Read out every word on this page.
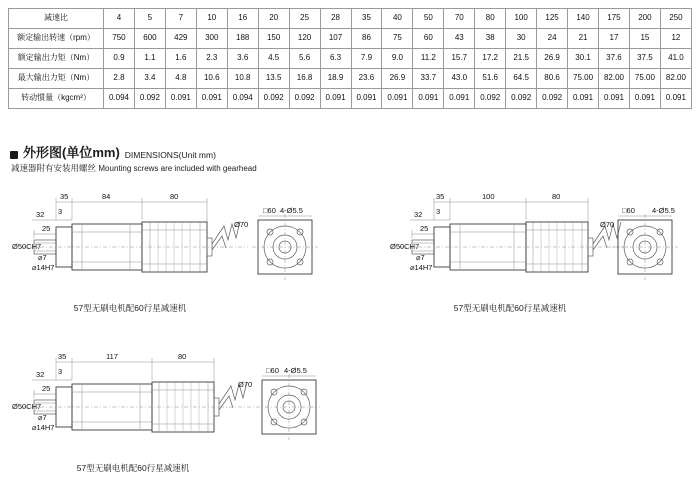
减速比	4	5	7	10	16	20	25	28	35	40	50	70	80	100	125	140	175	200	250
额定输出转速（rpm）	750	600	429	300	188	150	120	107	86	75	60	43	38	30	24	21	17	15	12
额定输出力矩（Nm）	0.9	1.1	1.6	2.3	3.6	4.5	5.6	6.3	7.9	9.0	11.2	15.7	17.2	21.5	26.9	30.1	37.6	37.5	41.0
最大输出力矩（Nm）	2.8	3.4	4.8	10.6	10.8	13.5	16.8	18.9	23.6	26.9	33.7	43.0	51.6	64.5	80.6	75.00	82.00	75.00	82.00
转动惯量（kgcm²）	0.094	0.092	0.091	0.091	0.094	0.092	0.092	0.091	0.091	0.091	0.091	0.091	0.092	0.092	0.092	0.091	0.091	0.091	0.091
外形图(单位mm) DIMENSIONS(Unit mm)
减速器附有安装用螺丝 Mounting screws are included with gearhead
35	84	80
32 3
25
Ø50CH7
⌀7
⌀14H7
□60
Ø70
4-Ø5.5
57型无刷电机配60行星减速机
35	100	80
32 3
25
Ø50CH7
⌀7
⌀14H7
57型无刷电机配60行星减速机
□60
Ø70
4-Ø5.5
35	117	80
32 3
25
Ø50CH7
⌀7
⌀14H7
□60
Ø70
4-Ø5.5
57型无刷电机配60行星减速机
